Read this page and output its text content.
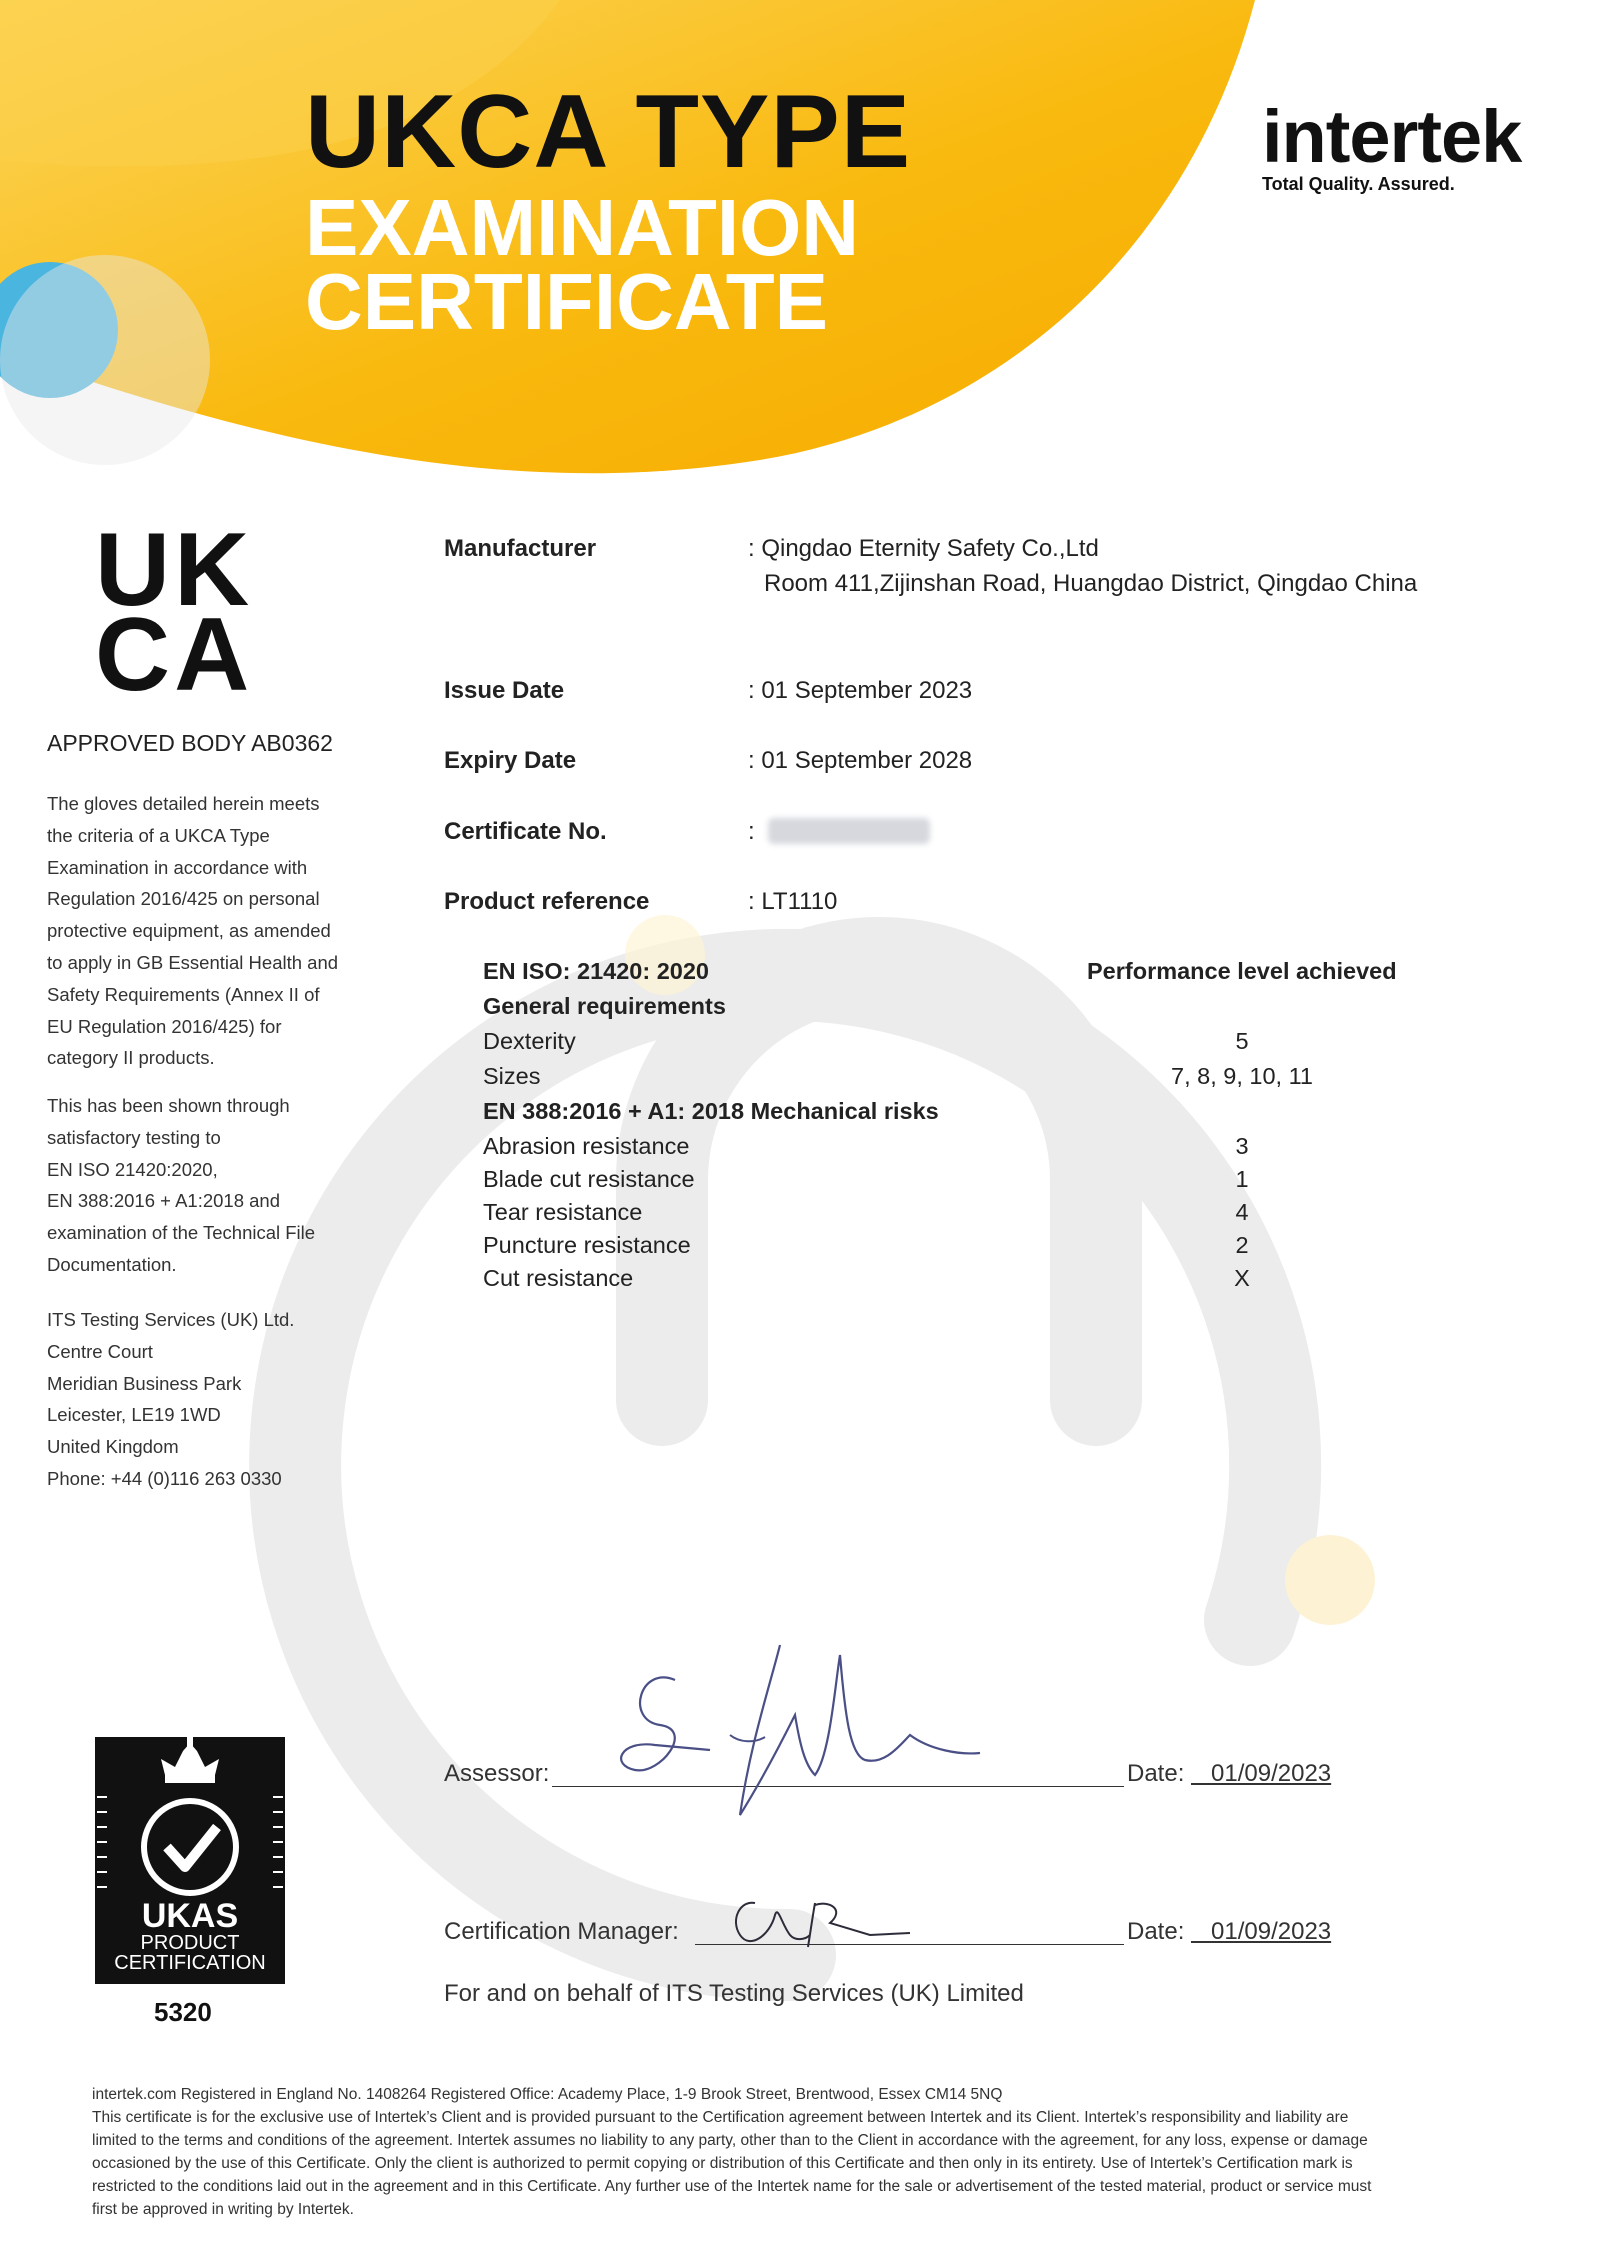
UKCA TYPE
EXAMINATION
CERTIFICATE
intertek
Total Quality. Assured.
UK
CA
APPROVED BODY AB0362
The gloves detailed herein meets
the criteria of a UKCA Type
Examination in accordance with
Regulation 2016/425 on personal
protective equipment, as amended
to apply in GB Essential Health and
Safety Requirements (Annex II of
EU Regulation 2016/425) for
category II products.
This has been shown through
satisfactory testing to
EN ISO 21420:2020,
EN 388:2016 + A1:2018 and
examination of the Technical File
Documentation.
ITS Testing Services (UK) Ltd.
Centre Court
Meridian Business Park
Leicester, LE19 1WD
United Kingdom
Phone: +44 (0)116 263 0330
Manufacturer	: Qingdao Eternity Safety Co.,Ltd
Room 411,Zijinshan Road, Huangdao District, Qingdao China
Issue Date	: 01 September 2023
Expiry Date	: 01 September 2028
Certificate No.	:
Product reference	: LT1110
EN ISO: 21420: 2020	Performance level achieved
General requirements
Dexterity	5
Sizes	7, 8, 9, 10, 11
EN 388:2016 + A1: 2018 Mechanical risks
Abrasion resistance	3
Blade cut resistance	1
Tear resistance	4
Puncture resistance	2
Cut resistance	X
Assessor:	Date:	01/09/2023
Certification Manager:	Date:	01/09/2023
For and on behalf of ITS Testing Services (UK) Limited
UKAS
PRODUCT
CERTIFICATION
5320
intertek.com Registered in England No. 1408264 Registered Office: Academy Place, 1-9 Brook Street, Brentwood, Essex CM14 5NQ
This certificate is for the exclusive use of Intertek’s Client and is provided pursuant to the Certification agreement between Intertek and its Client. Intertek’s responsibility and liability are
limited to the terms and conditions of the agreement. Intertek assumes no liability to any party, other than to the Client in accordance with the agreement, for any loss, expense or damage
occasioned by the use of this Certificate. Only the client is authorized to permit copying or distribution of this Certificate and then only in its entirety. Use of Intertek’s Certification mark is
restricted to the conditions laid out in the agreement and in this Certificate. Any further use of the Intertek name for the sale or advertisement of the tested material, product or service must
first be approved in writing by Intertek.
